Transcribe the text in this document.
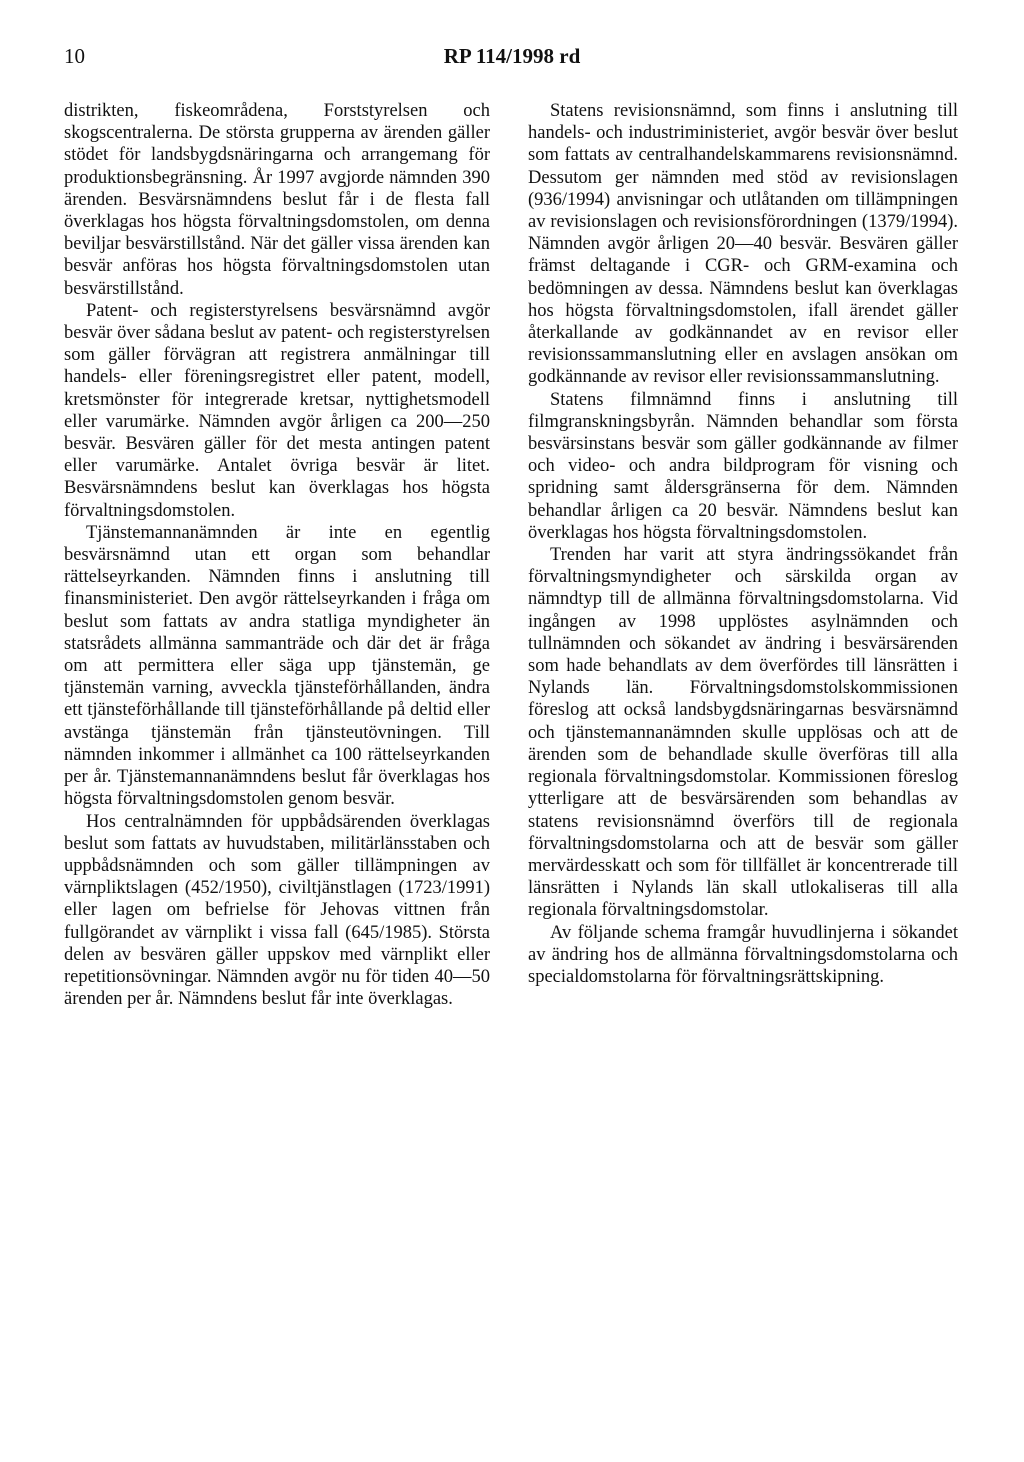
10	RP 114/1998 rd

distrikten, fiskeområdena, Forststyrelsen och skogscentralerna. De största grupperna av ärenden gäller stödet för landsbygdsnäringarna och arrangemang för produktionsbegränsning. År 1997 avgjorde nämnden 390 ärenden. Besvärsnämndens beslut får i de flesta fall överklagas hos högsta förvaltningsdomstolen, om denna beviljar besvärstillstånd. När det gäller vissa ärenden kan besvär anföras hos högsta förvaltningsdomstolen utan besvärstillstånd.

Patent- och registerstyrelsens besvärsnämnd avgör besvär över sådana beslut av patent- och registerstyrelsen som gäller förvägran att registrera anmälningar till handels- eller föreningsregistret eller patent, modell, kretsmönster för integrerade kretsar, nyttighetsmodell eller varumärke. Nämnden avgör årligen ca 200—250 besvär. Besvären gäller för det mesta antingen patent eller varumärke. Antalet övriga besvär är litet. Besvärsnämndens beslut kan överklagas hos högsta förvaltningsdomstolen.

Tjänstemannanämnden är inte en egentlig besvärsnämnd utan ett organ som behandlar rättelseyrkanden. Nämnden finns i anslutning till finansministeriet. Den avgör rättelseyrkanden i fråga om beslut som fattats av andra statliga myndigheter än statsrådets allmänna sammanträde och där det är fråga om att permittera eller säga upp tjänstemän, ge tjänstemän varning, avveckla tjänsteförhållanden, ändra ett tjänsteförhållande till tjänsteförhållande på deltid eller avstänga tjänstemän från tjänsteutövningen. Till nämnden inkommer i allmänhet ca 100 rättelseyrkanden per år. Tjänstemannanämndens beslut får överklagas hos högsta förvaltningsdomstolen genom besvär.

Hos centralnämnden för uppbådsärenden överklagas beslut som fattats av huvudstaben, militärlänsstaben och uppbådsnämnden och som gäller tillämpningen av värnpliktslagen (452/1950), civiltjänstlagen (1723/1991) eller lagen om befrielse för Jehovas vittnen från fullgörandet av värnplikt i vissa fall (645/1985). Största delen av besvären gäller uppskov med värnplikt eller repetitionsövningar. Nämnden avgör nu för tiden 40—50 ärenden per år. Nämndens beslut får inte överklagas.

Statens revisionsnämnd, som finns i anslutning till handels- och industriministeriet, avgör besvär över beslut som fattats av centralhandelskammarens revisionsnämnd. Dessutom ger nämnden med stöd av revisionslagen (936/1994) anvisningar och utlåtanden om tillämpningen av revisionslagen och revisionsförordningen (1379/1994). Nämnden avgör årligen 20—40 besvär. Besvären gäller främst deltagande i CGR- och GRM-examina och bedömningen av dessa. Nämndens beslut kan överklagas hos högsta förvaltningsdomstolen, ifall ärendet gäller återkallande av godkännandet av en revisor eller revisionssammanslutning eller en avslagen ansökan om godkännande av revisor eller revisionssammanslutning.

Statens filmnämnd finns i anslutning till filmgranskningsbyrån. Nämnden behandlar som första besvärsinstans besvär som gäller godkännande av filmer och video- och andra bildprogram för visning och spridning samt åldersgränserna för dem. Nämnden behandlar årligen ca 20 besvär. Nämndens beslut kan överklagas hos högsta förvaltningsdomstolen.

Trenden har varit att styra ändringssökandet från förvaltningsmyndigheter och särskilda organ av nämndtyp till de allmänna förvaltningsdomstolarna. Vid ingången av 1998 upplöstes asylnämnden och tullnämnden och sökandet av ändring i besvärsärenden som hade behandlats av dem överfördes till länsrätten i Nylands län. Förvaltningsdomstolskommissionen föreslog att också landsbygdsnäringarnas besvärsnämnd och tjänstemannanämnden skulle upplösas och att de ärenden som de behandlade skulle överföras till alla regionala förvaltningsdomstolar. Kommissionen föreslog ytterligare att de besvärsärenden som behandlas av statens revisionsnämnd överförs till de regionala förvaltningsdomstolarna och att de besvär som gäller mervärdesskatt och som för tillfället är koncentrerade till länsrätten i Nylands län skall utlokaliseras till alla regionala förvaltningsdomstolar.

Av följande schema framgår huvudlinjerna i sökandet av ändring hos de allmänna förvaltningsdomstolarna och specialdomstolarna för förvaltningsrättskipning.
